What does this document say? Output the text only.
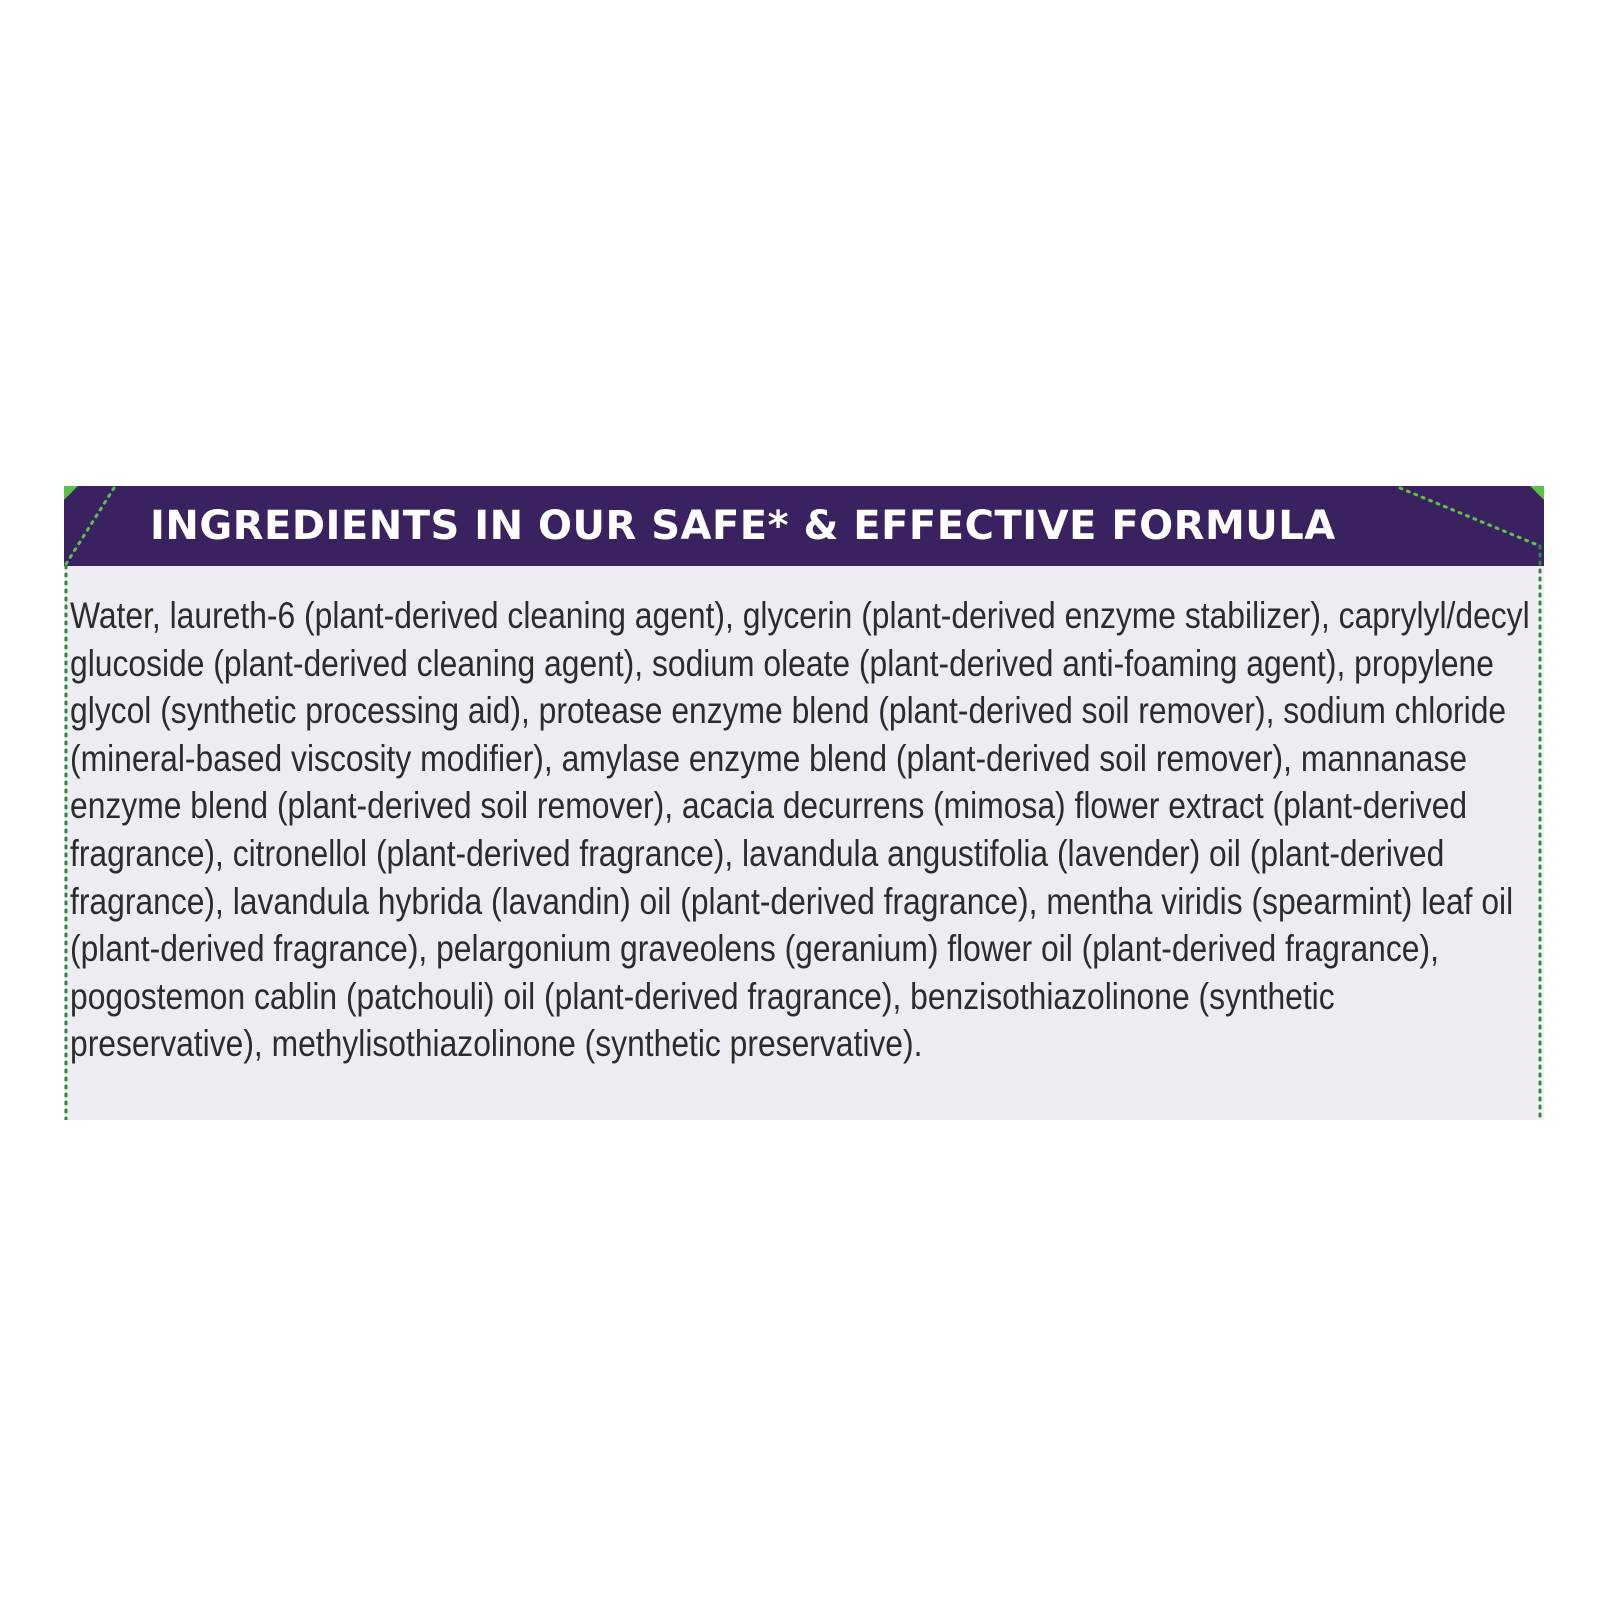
INGREDIENTS IN OUR SAFE* & EFFECTIVE FORMULA

Water, laureth-6 (plant-derived cleaning agent), glycerin (plant-derived enzyme stabilizer), caprylyl/decyl glucoside (plant-derived cleaning agent), sodium oleate (plant-derived anti-foaming agent), propylene glycol (synthetic processing aid), protease enzyme blend (plant-derived soil remover), sodium chloride (mineral-based viscosity modifier), amylase enzyme blend (plant-derived soil remover), mannanase enzyme blend (plant-derived soil remover), acacia decurrens (mimosa) flower extract (plant-derived fragrance), citronellol (plant-derived fragrance), lavandula angustifolia (lavender) oil (plant-derived fragrance), lavandula hybrida (lavandin) oil (plant-derived fragrance), mentha viridis (spearmint) leaf oil (plant-derived fragrance), pelargonium graveolens (geranium) flower oil (plant-derived fragrance), pogostemon cablin (patchouli) oil (plant-derived fragrance), benzisothiazolinone (synthetic preservative), methylisothiazolinone (synthetic preservative).
